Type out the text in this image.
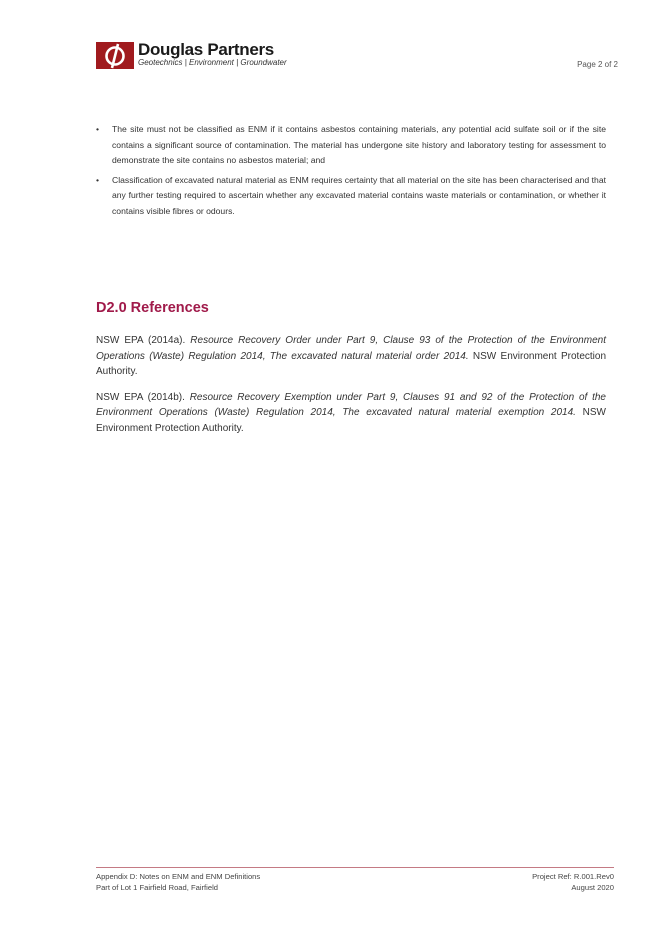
Douglas Partners
Geotechnics | Environment | Groundwater	Page 2 of 2
• The site must not be classified as ENM if it contains asbestos containing materials, any potential acid sulfate soil or if the site contains a significant source of contamination. The material has undergone site history and laboratory testing for assessment to demonstrate the site contains no asbestos material; and
• Classification of excavated natural material as ENM requires certainty that all material on the site has been characterised and that any further testing required to ascertain whether any excavated material contains waste materials or contamination, or whether it contains visible fibres or odours.
D2.0 References
NSW EPA (2014a). Resource Recovery Order under Part 9, Clause 93 of the Protection of the Environment Operations (Waste) Regulation 2014, The excavated natural material order 2014. NSW Environment Protection Authority.
NSW EPA (2014b). Resource Recovery Exemption under Part 9, Clauses 91 and 92 of the Protection of the Environment Operations (Waste) Regulation 2014, The excavated natural material exemption 2014. NSW Environment Protection Authority.
Appendix D: Notes on ENM and ENM Definitions
Part of Lot 1 Fairfield Road, Fairfield
Project Ref: R.001.Rev0
August 2020
